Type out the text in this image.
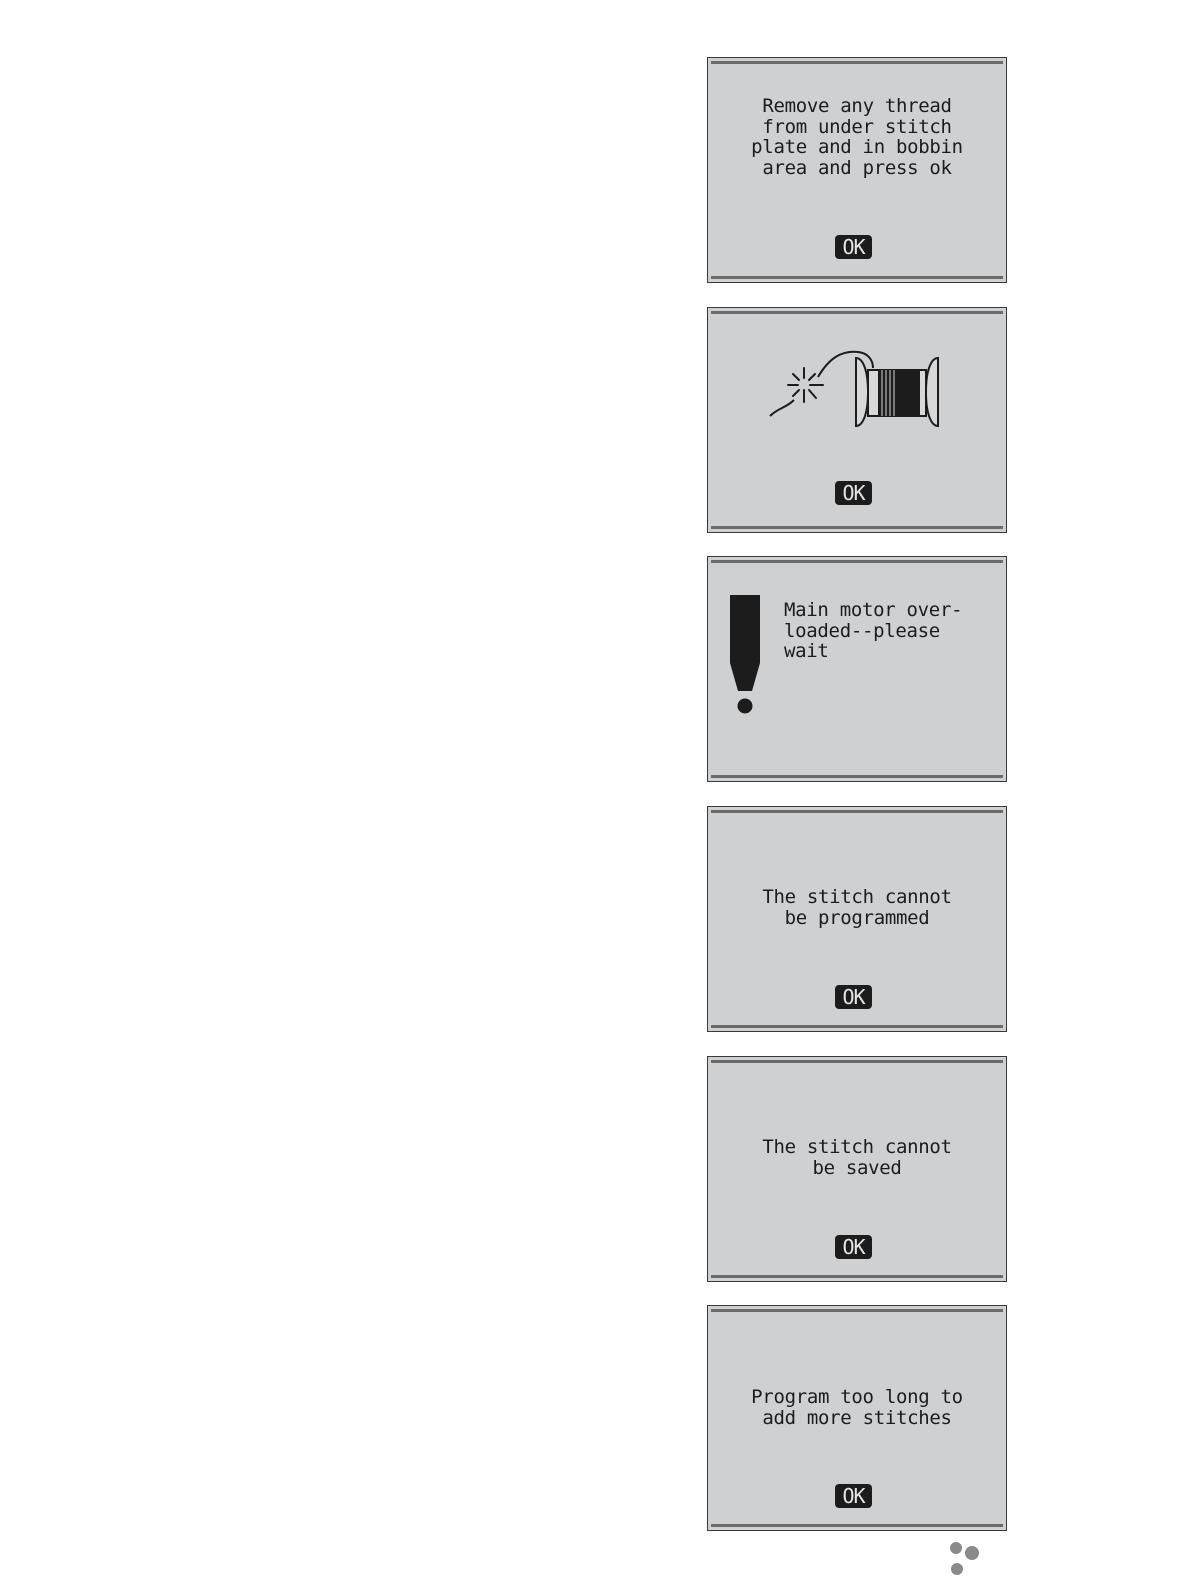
Remove any thread
from under stitch
plate and in bobbin
area and press ok
OK
OK
Main motor over-
loaded--please
wait
The stitch cannot
be programmed
OK
The stitch cannot
be saved
OK
Program too long to
add more stitches
OK
